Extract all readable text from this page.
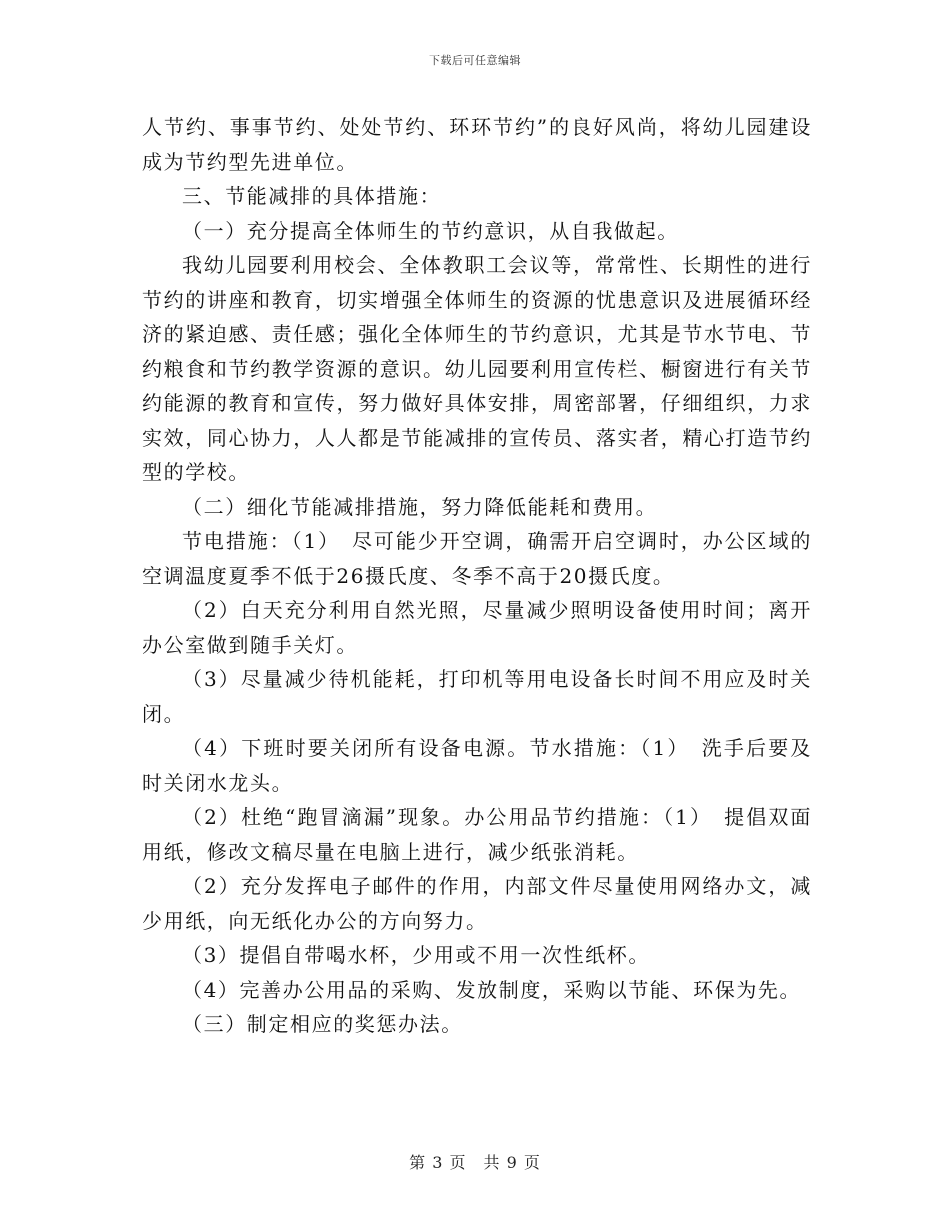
下载后可任意编辑

人节约、事事节约、处处节约、环环节约”的良好风尚，将幼儿园建设成为节约型先进单位。

三、节能减排的具体措施：

（一）充分提高全体师生的节约意识，从自我做起。

我幼儿园要利用校会、全体教职工会议等，常常性、长期性的进行节约的讲座和教育，切实增强全体师生的资源的忧患意识及进展循环经济的紧迫感、责任感；强化全体师生的节约意识，尤其是节水节电、节约粮食和节约教学资源的意识。幼儿园要利用宣传栏、橱窗进行有关节约能源的教育和宣传，努力做好具体安排，周密部署，仔细组织，力求实效，同心协力，人人都是节能减排的宣传员、落实者，精心打造节约型的学校。

（二）细化节能减排措施，努力降低能耗和费用。

节电措施：（1）　尽可能少开空调，确需开启空调时，办公区域的空调温度夏季不低于26摄氏度、冬季不高于20摄氏度。

（2）白天充分利用自然光照，尽量减少照明设备使用时间；离开办公室做到随手关灯。

（3）尽量减少待机能耗，打印机等用电设备长时间不用应及时关闭。

（4）下班时要关闭所有设备电源。节水措施：（1）　洗手后要及时关闭水龙头。

（2）杜绝“跑冒滴漏”现象。办公用品节约措施：（1）　提倡双面用纸，修改文稿尽量在电脑上进行，减少纸张消耗。

（2）充分发挥电子邮件的作用，内部文件尽量使用网络办文，减少用纸，向无纸化办公的方向努力。

（3）提倡自带喝水杯，少用或不用一次性纸杯。

（4）完善办公用品的采购、发放制度，采购以节能、环保为先。

（三）制定相应的奖惩办法。

第 3 页　共 9 页
